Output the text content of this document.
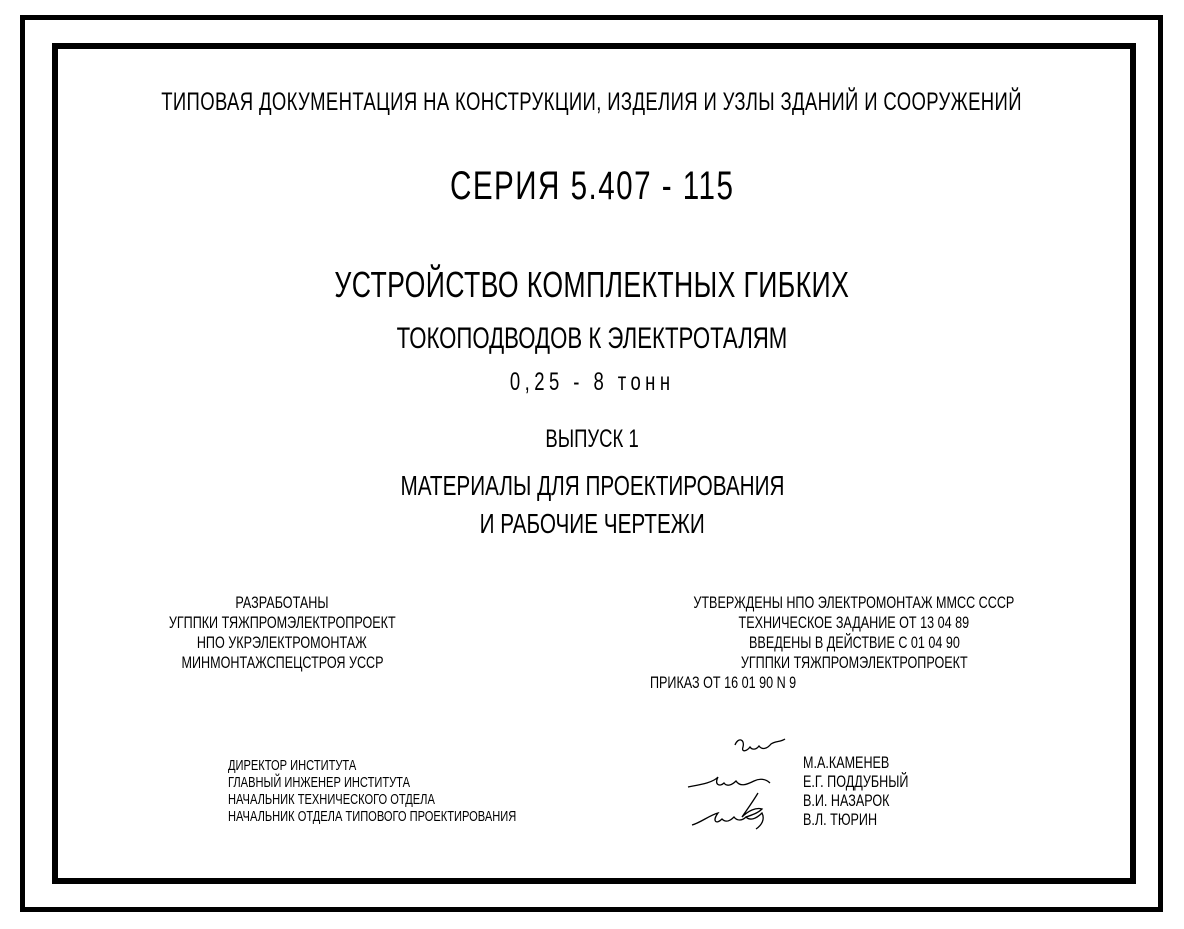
ТИПОВАЯ ДОКУМЕНТАЦИЯ НА КОНСТРУКЦИИ, ИЗДЕЛИЯ И УЗЛЫ ЗДАНИЙ И СООРУЖЕНИЙ
СЕРИЯ 5.407 - 115
УСТРОЙСТВО КОМПЛЕКТНЫХ ГИБКИХ
ТОКОПОДВОДОВ К ЭЛЕКТРОТАЛЯМ
0,25 - 8 тонн
ВЫПУСК 1
МАТЕРИАЛЫ ДЛЯ ПРОЕКТИРОВАНИЯ
И РАБОЧИЕ ЧЕРТЕЖИ
РАЗРАБОТАНЫ
УГППКИ ТЯЖПРОМЭЛЕКТРОПРОЕКТ
НПО УКРЭЛЕКТРОМОНТАЖ
МИНМОНТАЖСПЕЦСТРОЯ УССР
УТВЕРЖДЕНЫ НПО ЭЛЕКТРОМОНТАЖ ММСС СССР
ТЕХНИЧЕСКОЕ ЗАДАНИЕ ОТ 13 04 89
ВВЕДЕНЫ В ДЕЙСТВИЕ С 01 04 90
УГППКИ ТЯЖПРОМЭЛЕКТРОПРОЕКТ
ПРИКАЗ ОТ 16 01 90 N 9
ДИРЕКТОР ИНСТИТУТА
ГЛАВНЫЙ ИНЖЕНЕР ИНСТИТУТА
НАЧАЛЬНИК ТЕХНИЧЕСКОГО ОТДЕЛА
НАЧАЛЬНИК ОТДЕЛА ТИПОВОГО ПРОЕКТИРОВАНИЯ
М.А.КАМЕНЕВ
Е.Г. ПОДДУБНЫЙ
В.И. НАЗАРОК
В.Л. ТЮРИН
